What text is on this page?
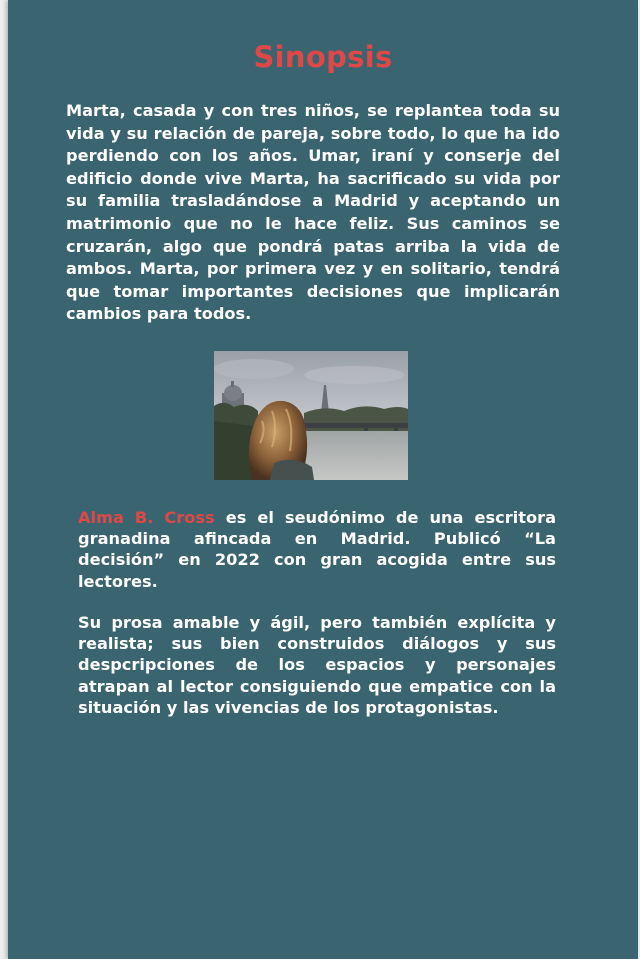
Sinopsis

Marta, casada y con tres niños, se replantea toda su vida y su relación de pareja, sobre todo, lo que ha ido perdiendo con los años. Umar, iraní y conserje del edificio donde vive Marta, ha sacrificado su vida por su familia trasladándose a Madrid y aceptando un matrimonio que no le hace feliz. Sus caminos se cruzarán, algo que pondrá patas arriba la vida de ambos. Marta, por primera vez y en solitario, tendrá que tomar importantes decisiones que implicarán cambios para todos.

Alma B. Cross es el seudónimo de una escritora granadina afincada en Madrid. Publicó “La decisión” en 2022 con gran acogida entre sus lectores.

Su prosa amable y ágil, pero también explícita y realista; sus bien construidos diálogos y sus despcripciones de los espacios y personajes atrapan al lector consiguiendo que empatice con la situación y las vivencias de los protagonistas.
